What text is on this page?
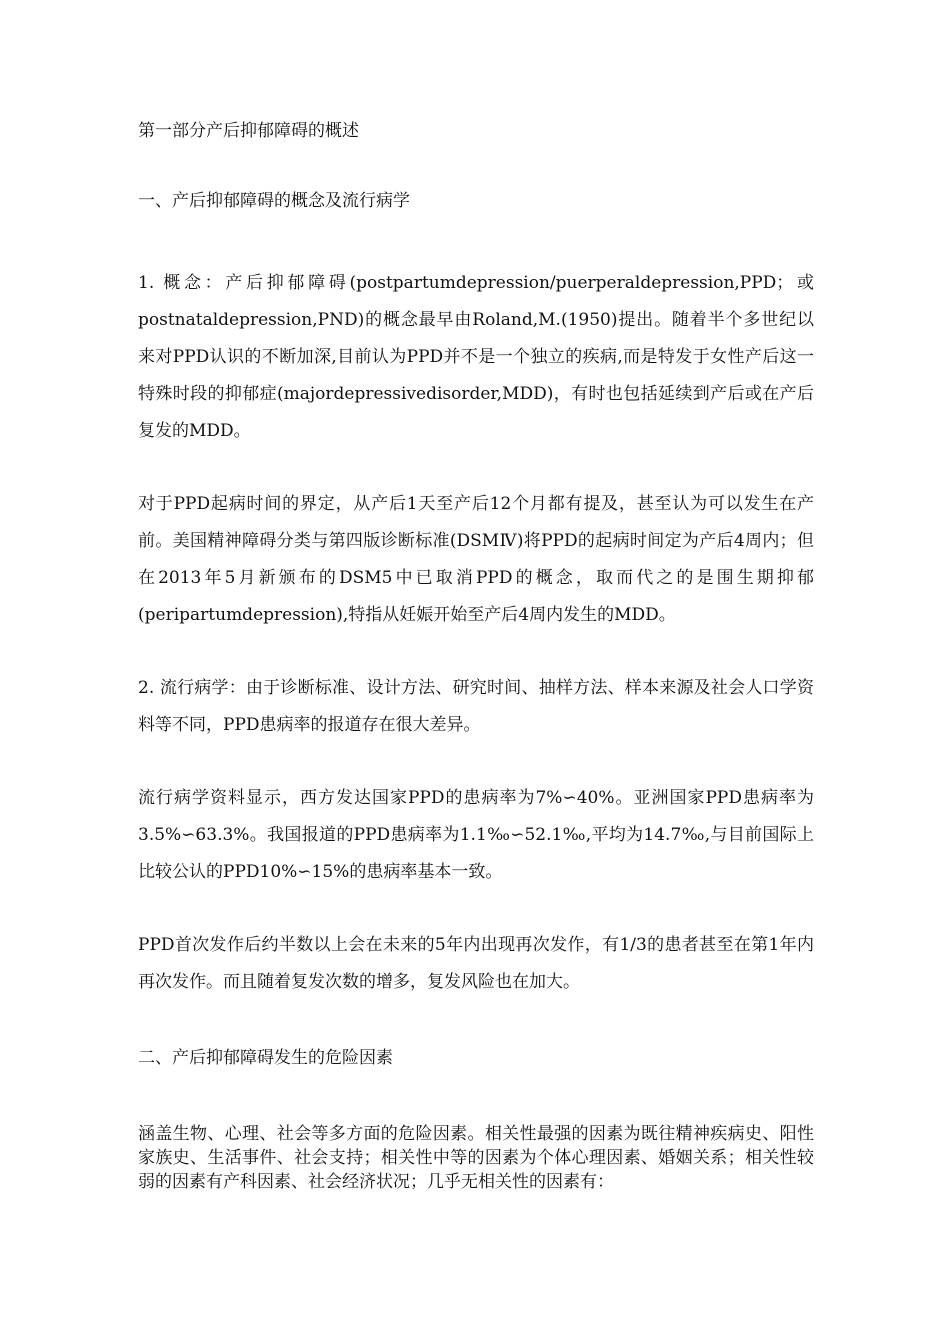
第一部分产后抑郁障碍的概述

一、产后抑郁障碍的概念及流行病学

1. 概念：产后抑郁障碍(postpartumdepression/puerperaldepression,PPD；或postnataldepression,PND)的概念最早由Roland,M.(1950)提出。随着半个多世纪以来对PPD认识的不断加深,目前认为PPD并不是一个独立的疾病,而是特发于女性产后这一特殊时段的抑郁症(majordepressivedisorder,MDD)，有时也包括延续到产后或在产后复发的MDD。

对于PPD起病时间的界定，从产后1天至产后12个月都有提及，甚至认为可以发生在产前。美国精神障碍分类与第四版诊断标准(DSMⅣ)将PPD的起病时间定为产后4周内；但在2013年5月新颁布的DSM5中已取消PPD的概念，取而代之的是围生期抑郁(peripartumdepression),特指从妊娠开始至产后4周内发生的MDD。

2. 流行病学：由于诊断标准、设计方法、研究时间、抽样方法、样本来源及社会人口学资料等不同，PPD患病率的报道存在很大差异。

流行病学资料显示，西方发达国家PPD的患病率为7%∽40%。亚洲国家PPD患病率为3.5%∽63.3%。我国报道的PPD患病率为1.1‰∽52.1‰,平均为14.7‰,与目前国际上比较公认的PPD10%∽15%的患病率基本一致。

PPD首次发作后约半数以上会在未来的5年内出现再次发作，有1/3的患者甚至在第1年内再次发作。而且随着复发次数的增多，复发风险也在加大。

二、产后抑郁障碍发生的危险因素

涵盖生物、心理、社会等多方面的危险因素。相关性最强的因素为既往精神疾病史、阳性家族史、生活事件、社会支持；相关性中等的因素为个体心理因素、婚姻关系；相关性较弱的因素有产科因素、社会经济状况；几乎无相关性的因素有：
